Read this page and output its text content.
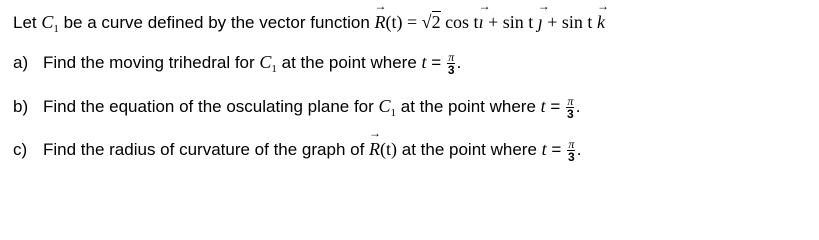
Let $C_1$ be a curve defined by the vector function → R(t) = √2 cos t→ ı + sin t → ȷ + sin t → k
a) Find the moving trihedral for $C_1$ at the point where $t = \frac{\pi}{3}$ .
b) Find the equation of the osculating plane for $C_1$ at the point where $t = \frac{\pi}{3}$ .
c) Find the radius of curvature of the graph of → R(t) at the point where $t = \frac{\pi}{3}$ .
